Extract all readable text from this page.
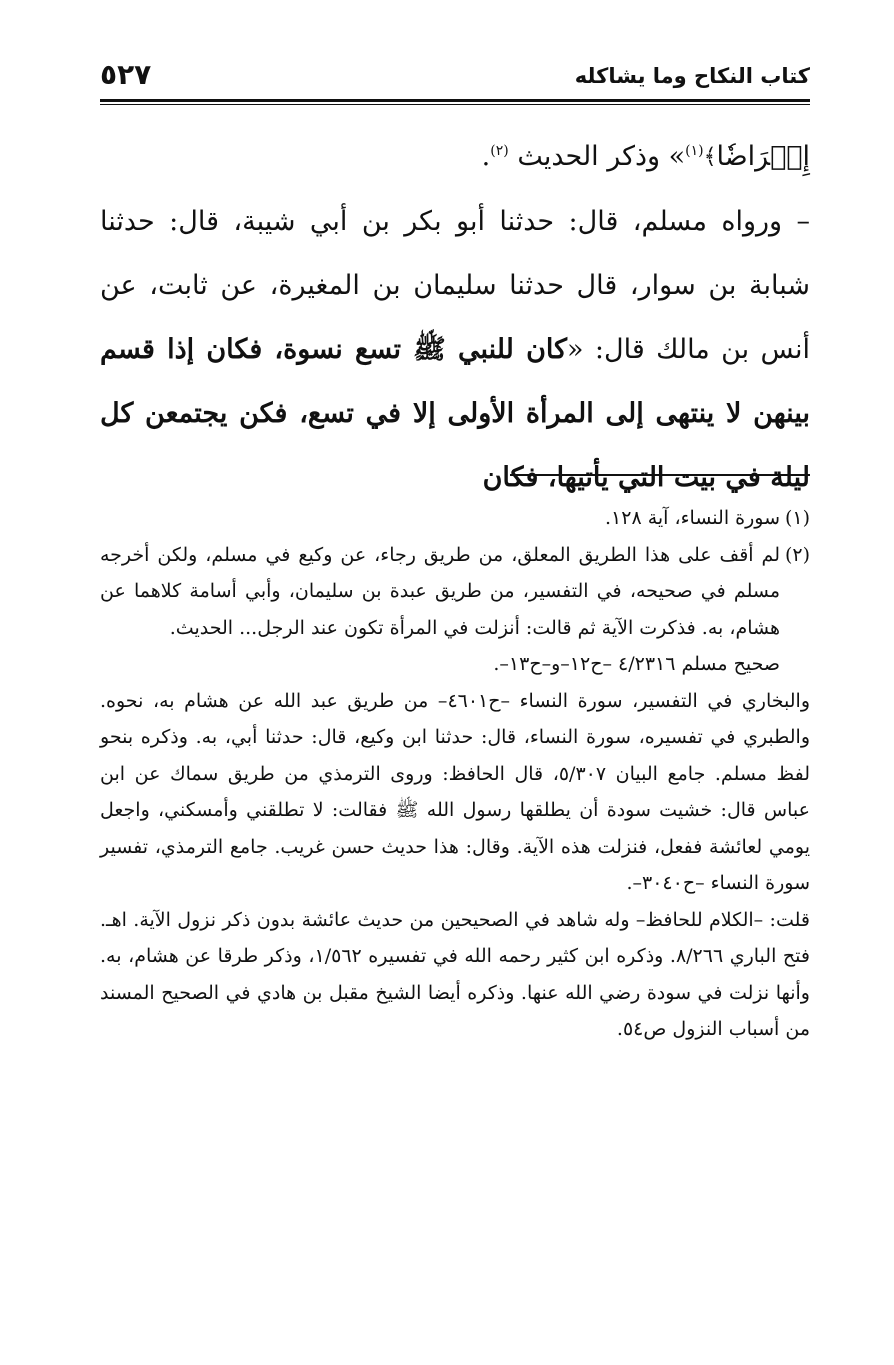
كتاب النكاح وما يشاكله
٥٢٧

إِعۡرَاضٗا﴾$^{(١)}$» وذكر الحديث $^{(٢)}$.

– ورواه مسلم، قال: حدثنا أبو بكر بن أبي شيبة، قال: حدثنا شبابة بن سوار، قال حدثنا سليمان بن المغيرة، عن ثابت، عن أنس بن مالك قال: «كان للنبي ﷺ تسع نسوة، فكان إذا قسم بينهن لا ينتهى إلى المرأة الأولى إلا في تسع، فكن يجتمعن كل ليلة في بيت التي يأتيها، فكان

(١)سورة النساء، آية ١٢٨.

(٢)
لم أقف على هذا الطريق المعلق، من طريق رجاء، عن وكيع في مسلم، ولكن أخرجه مسلم في صحيحه، في التفسير، من طريق عبدة بن سليمان، وأبي أسامة كلاهما عن هشام، به. فذكرت الآية ثم قالت: أنزلت في المرأة تكون عند الرجل... الحديث.
صحيح مسلم ٤/٢٣١٦ –ح١٢–و–ح١٣–.

والبخاري في التفسير، سورة النساء –ح٤٦٠١– من طريق عبد الله عن هشام به، نحوه. والطبري في تفسيره، سورة النساء، قال: حدثنا ابن وكيع، قال: حدثنا أبي، به. وذكره بنحو لفظ مسلم. جامع البيان ٥/٣٠٧، قال الحافظ: وروى الترمذي من طريق سماك عن ابن عباس قال: خشيت سودة أن يطلقها رسول الله ﷺ فقالت: لا تطلقني وأمسكني، واجعل يومي لعائشة ففعل، فنزلت هذه الآية. وقال: هذا حديث حسن غريب. جامع الترمذي، تفسير سورة النساء –ح٣٠٤٠–.

قلت: –الكلام للحافظ– وله شاهد في الصحيحين من حديث عائشة بدون ذكر نزول الآية. اهـ. فتح الباري ٨/٢٦٦. وذكره ابن كثير رحمه الله في تفسيره ١/٥٦٢، وذكر طرقا عن هشام، به. وأنها نزلت في سودة رضي الله عنها. وذكره أيضا الشيخ مقبل بن هادي في الصحيح المسند من أسباب النزول ص٥٤.
